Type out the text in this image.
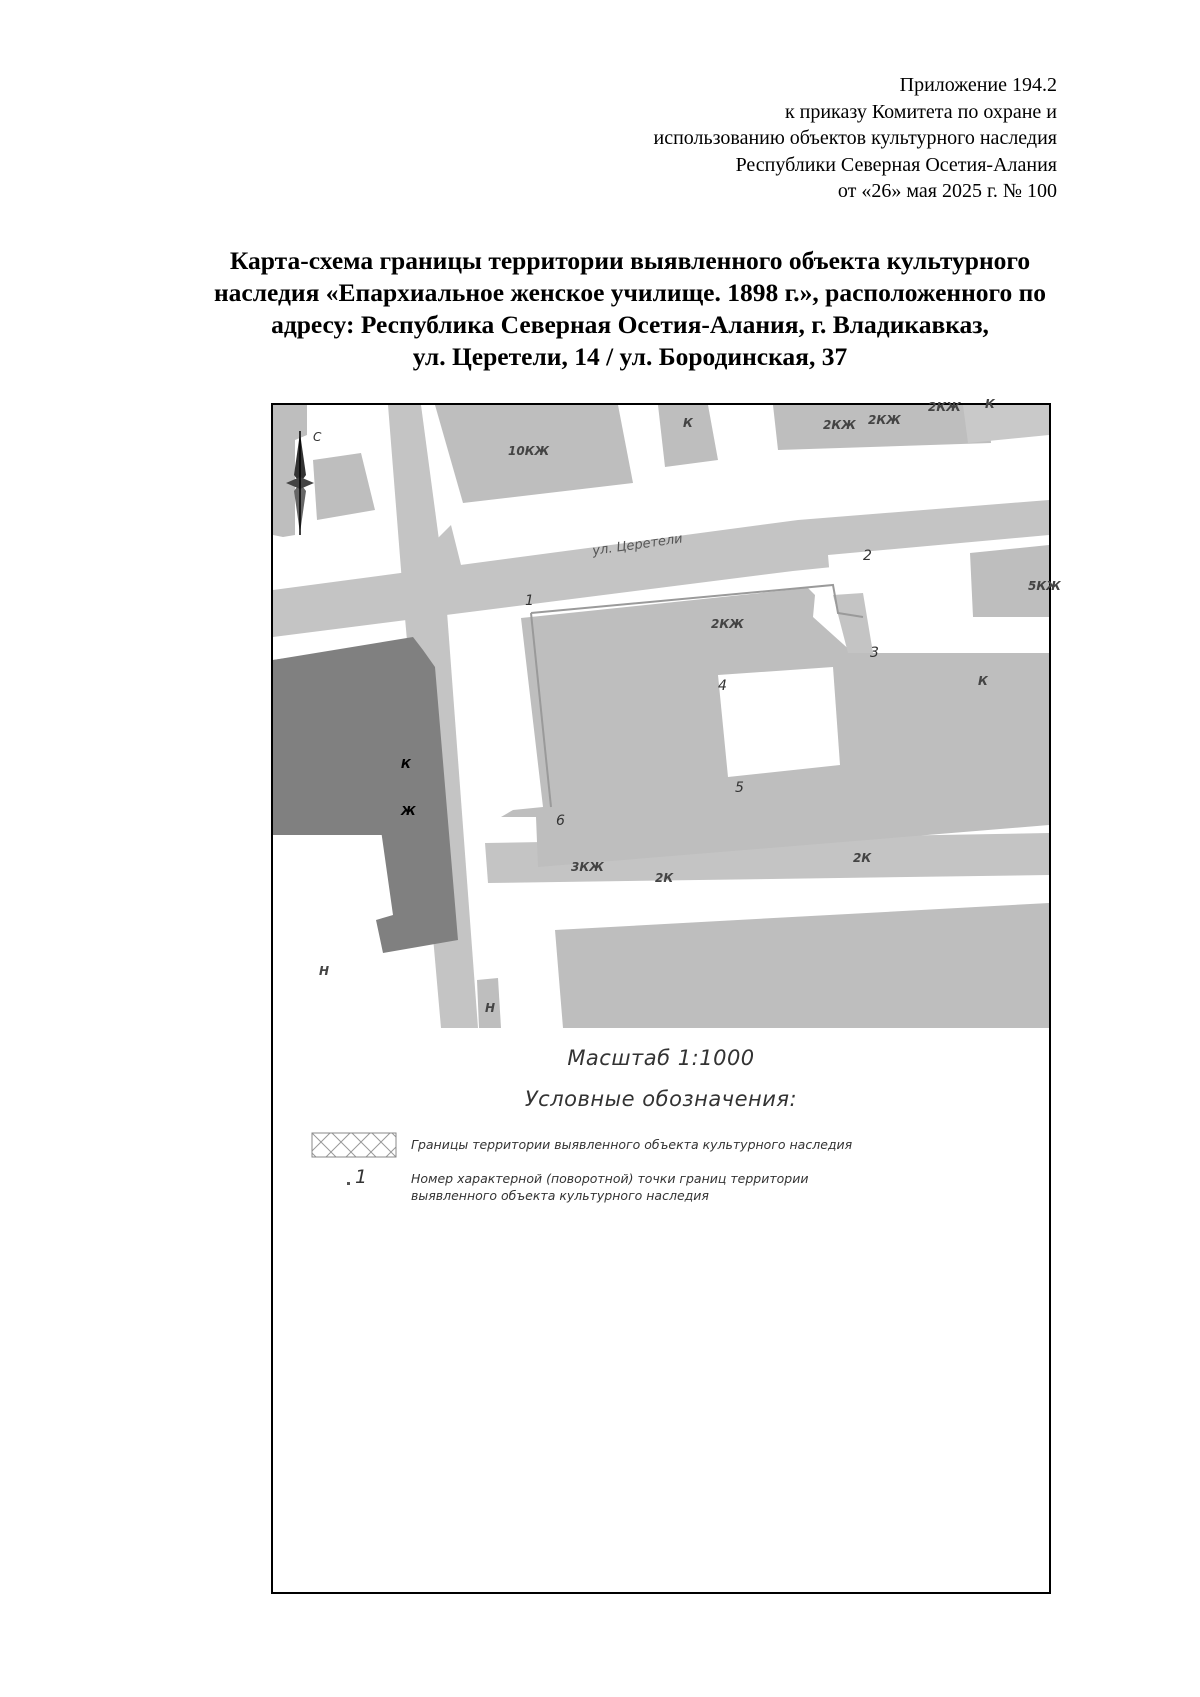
Приложение 194.2
к приказу Комитета по охране и
использованию объектов культурного наследия
Республики Северная Осетия-Алания
от «26» мая 2025 г. № 100
Карта-схема границы территории выявленного объекта культурного
наследия «Епархиальное женское училище. 1898 г.», расположенного по
адресу: Республика Северная Осетия-Алания, г. Владикавказ,
ул. Церетели, 14 / ул. Бородинская, 37
С
ул. Церетели
10КЖ
К	2КЖ 2КЖ
2КЖ К
5КЖ
2КЖ
К
К
Ж
3КЖ
2К
2К
Н
Н
1
2
3
4
5
6
Масштаб 1:1000
Условные обозначения:
Границы территории выявленного объекта культурного наследия
1	Номер характерной (поворотной) точки границ территории
выявленного объекта культурного наследия
